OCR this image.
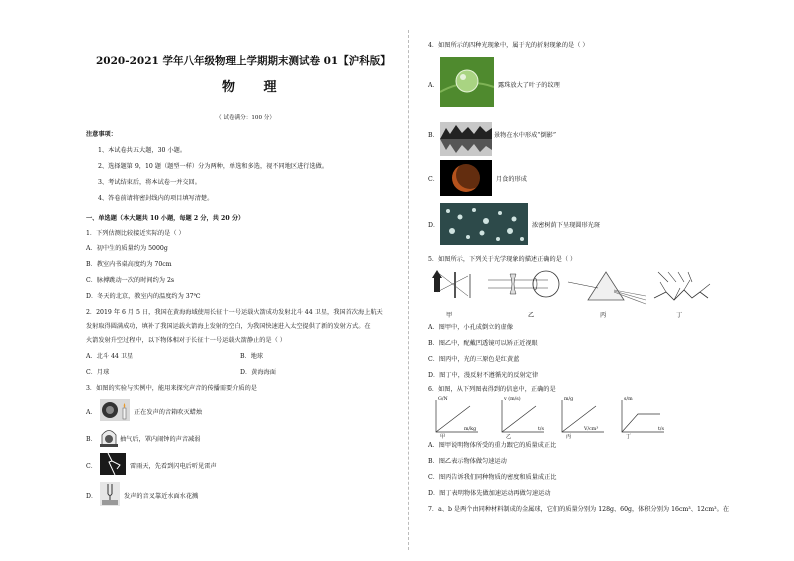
2020-2021 学年八年级物理上学期期末测试卷 01【沪科版】
物 理
（ 试卷满分：100 分）
注意事项：
1、本试卷共五大题，30 小题。
2、选择题第 9，10 题（题型一样）分为两种，单选和多选，视不同地区进行选做。
3、考试结束后，将本试卷一并交回。
4、答卷前请将密封线内的项目填写清楚。
一、单选题（本大题共 10 小题，每题 2 分，共 20 分）
1．下列估测比较接近实际的是（ ）
A．初中生的质量约为 5000g
B．教室内书桌高度约为 70cm
C．脉搏跳动一次的时间约为 2s
D．冬天的北京，教室内的温度约为 37℃
2．2019 年 6 月 5 日，我国在黄海海域使用长征十一号运载火箭成功发射北斗 44 卫星，我国首次海上航天
发射取得圆满成功，填补了我国运载火箭海上发射的空白，为我国快速进入太空提供了新的发射方式。在
火箭发射升空过程中，以下物体相对于长征十一号运载火箭静止的是（ ）
A．北斗 44 卫星	B．地球
C．月球	D．黄海海面
3．如图的实验与实例中，能用来探究声音的传播需要介质的是
A．	正在发声的音箱吹灭蜡烛
B．	抽气后，罩内闹钟的声音减弱
C．	雷雨天，先看到闪电后听见雷声
D．	发声的音叉靠近水面水花溅
4．如图所示的四种光现象中，属于光的折射现象的是（ ）
A．	露珠放大了叶子的纹理
B．	景物在水中形成“倒影”
C．	月食的形成
D．	浓密树荫下呈现圆形光斑
5．如图所示，下列关于光学现象的描述正确的是（ ）
甲	乙	丙	丁
A．图甲中，小孔成倒立的虚像
B．图乙中，配戴凹透镜可以矫正近视眼
C．图丙中，光的三原色是红黄蓝
D．图丁中，漫反射不遵循光的反射定律
6．如图，从下列图表得到的信息中，正确的是
G/N
m/kg
v (m/s)
t/s
m/g
V/cm³
s/m
t/s
甲	乙	丙	丁
A．图甲说明物体所受的重力跟它的质量成正比
B．图乙表示物体做匀速运动
C．图丙告诉我们同种物质的密度和质量成正比
D．图丁表明物体先做加速运动再做匀速运动
7．a、b 是两个由同种材料制成的金属球，它们的质量分别为 128g、60g，体积分别为 16cm³、12cm³。在
